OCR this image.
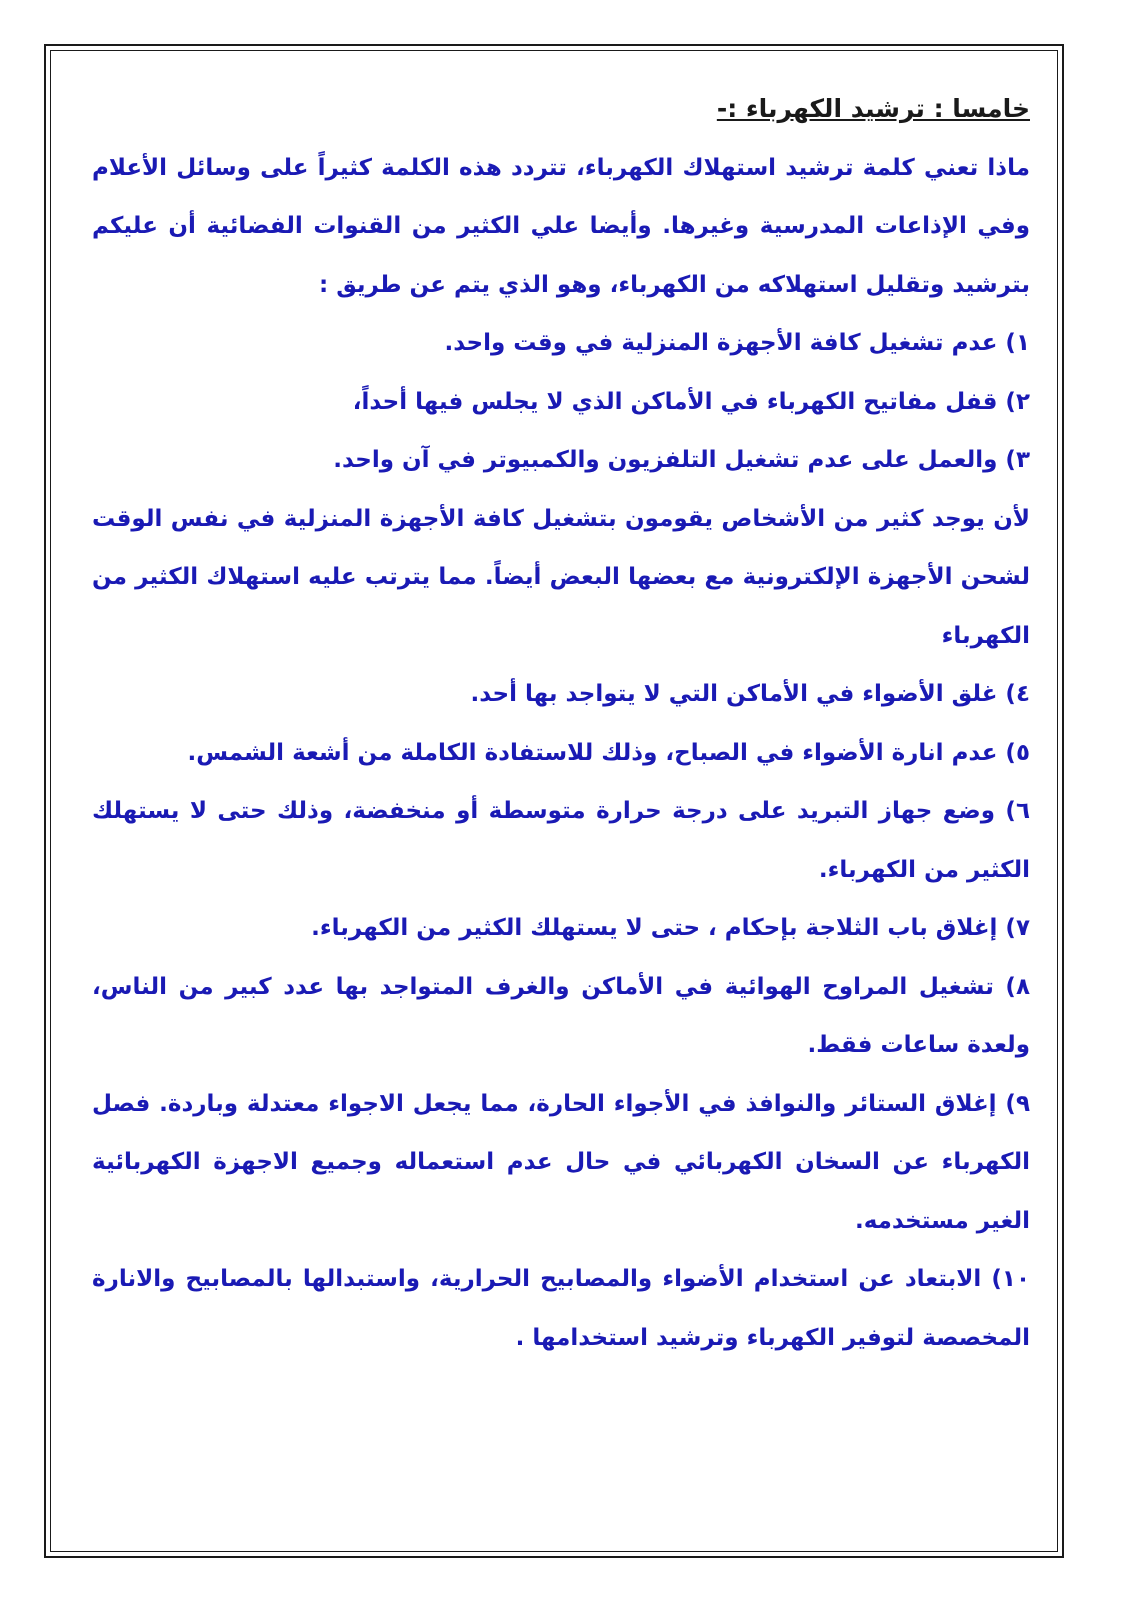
خامسا : ترشيد الكهرباء :-

ماذا تعني كلمة ترشيد استهلاك الكهرباء، تتردد هذه الكلمة كثيراً على وسائل الأعلام وفي الإذاعات المدرسية وغيرها. وأيضا علي الكثير من القنوات الفضائية أن عليكم بترشيد وتقليل استهلاكه من الكهرباء، وهو الذي يتم عن طريق :

١) عدم تشغيل كافة الأجهزة المنزلية في وقت واحد.

٢) قفل مفاتيح الكهرباء في الأماكن الذي لا يجلس فيها أحداً،

٣) والعمل على عدم تشغيل التلفزيون والكمبيوتر في آن واحد.

لأن يوجد كثير من الأشخاص يقومون بتشغيل كافة الأجهزة المنزلية في نفس الوقت لشحن الأجهزة الإلكترونية مع بعضها البعض أيضاً. مما يترتب عليه استهلاك الكثير من الكهرباء

٤) غلق الأضواء في الأماكن التي لا يتواجد بها أحد.

٥) عدم انارة الأضواء في الصباح، وذلك للاستفادة الكاملة من أشعة الشمس.

٦) وضع جهاز التبريد على درجة حرارة متوسطة أو منخفضة، وذلك حتى لا يستهلك الكثير من الكهرباء.

٧) إغلاق باب الثلاجة بإحكام ، حتى لا يستهلك الكثير من الكهرباء.

٨) تشغيل المراوح الهوائية في الأماكن والغرف المتواجد بها عدد كبير من الناس، ولعدة ساعات فقط.

٩) إغلاق الستائر والنوافذ في الأجواء الحارة، مما يجعل الاجواء معتدلة وباردة. فصل الكهرباء عن السخان الكهربائي في حال عدم استعماله وجميع الاجهزة الكهربائية الغير مستخدمه.

١٠) الابتعاد عن استخدام الأضواء والمصابيح الحرارية، واستبدالها بالمصابيح والانارة المخصصة لتوفير الكهرباء وترشيد استخدامها .
